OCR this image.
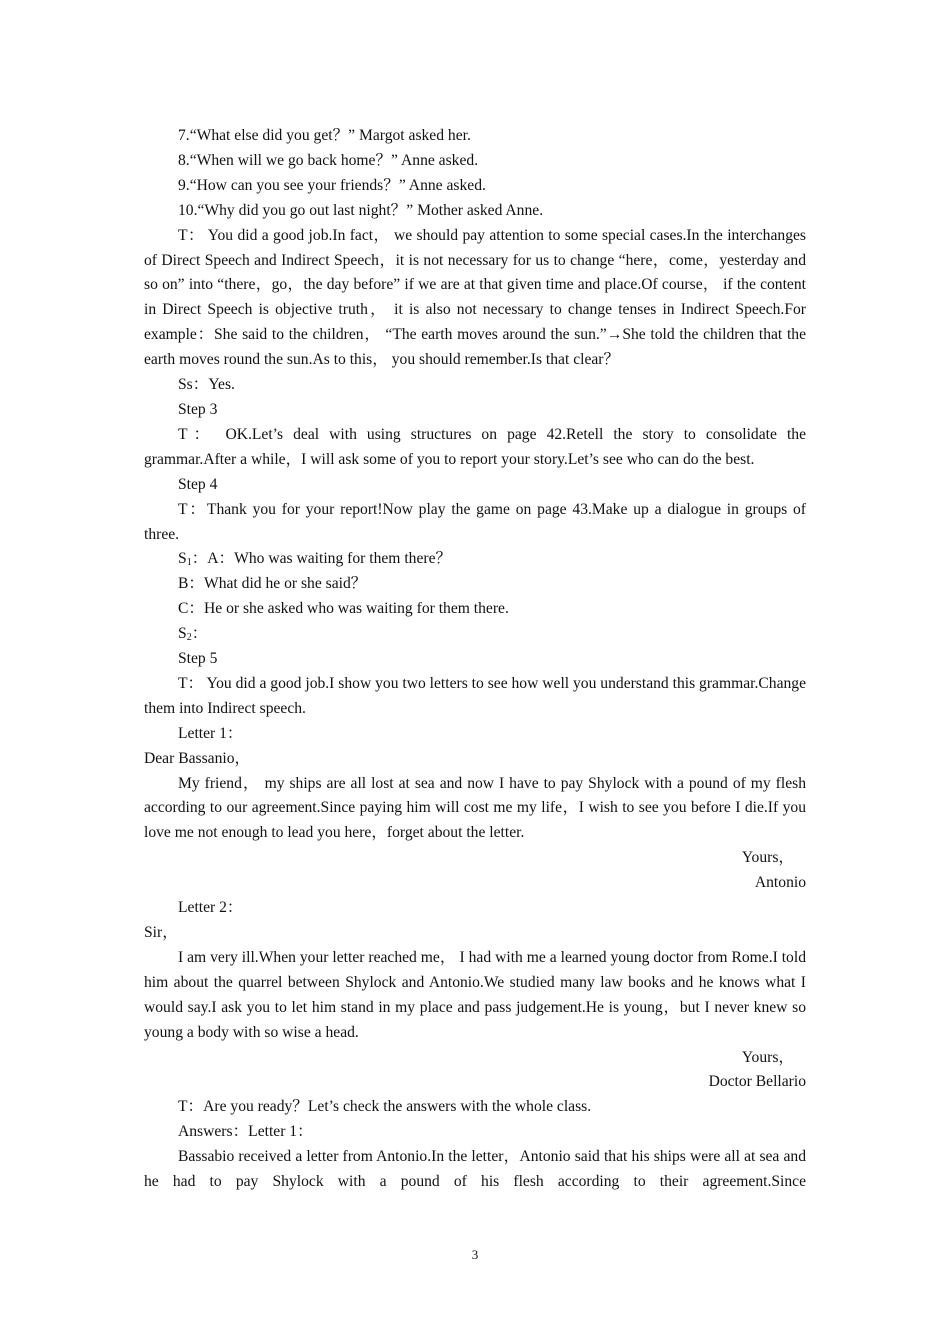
7.“What else did you get？” Margot asked her.

8.“When will we go back home？” Anne asked.

9.“How can you see your friends？” Anne asked.

10.“Why did you go out last night？” Mother asked Anne.

T： You did a good job.In fact， we should pay attention to some special cases.In the interchanges of Direct Speech and Indirect Speech，it is not necessary for us to change “here，come，yesterday and so on” into “there，go，the day before” if we are at that given time and place.Of course， if the content in Direct Speech is objective truth， it is also not necessary to change tenses in Indirect Speech.For example：She said to the children， “The earth moves around the sun.”→She told the children that the earth moves round the sun.As to this， you should remember.Is that clear？

Ss：Yes.

Step 3

T： OK.Let’s deal with using structures on page 42.Retell the story to consolidate the grammar.After a while，I will ask some of you to report your story.Let’s see who can do the best.

Step 4

T：Thank you for your report!Now play the game on page 43.Make up a dialogue in groups of three.

$S_1$：A：Who was waiting for them there？

B：What did he or she said？

C：He or she asked who was waiting for them there.

$S_2$：

Step 5

T： You did a good job.I show you two letters to see how well you understand this grammar.Change them into Indirect speech.

Letter 1：

Dear Bassanio，

My friend， my ships are all lost at sea and now I have to pay Shylock with a pound of my flesh according to our agreement.Since paying him will cost me my life，I wish to see you before I die.If you love me not enough to lead you here，forget about the letter.

Yours，

Antonio

Letter 2：

Sir，

I am very ill.When your letter reached me， I had with me a learned young doctor from Rome.I told him about the quarrel between Shylock and Antonio.We studied many law books and he knows what I would say.I ask you to let him stand in my place and pass judgement.He is young，but I never knew so young a body with so wise a head.

Yours，

Doctor Bellario

T：Are you ready？Let’s check the answers with the whole class.

Answers：Letter 1：

Bassabio received a letter from Antonio.In the letter，Antonio said that his ships were all at sea and he had to pay Shylock with a pound of his flesh according to their agreement.Since

3
